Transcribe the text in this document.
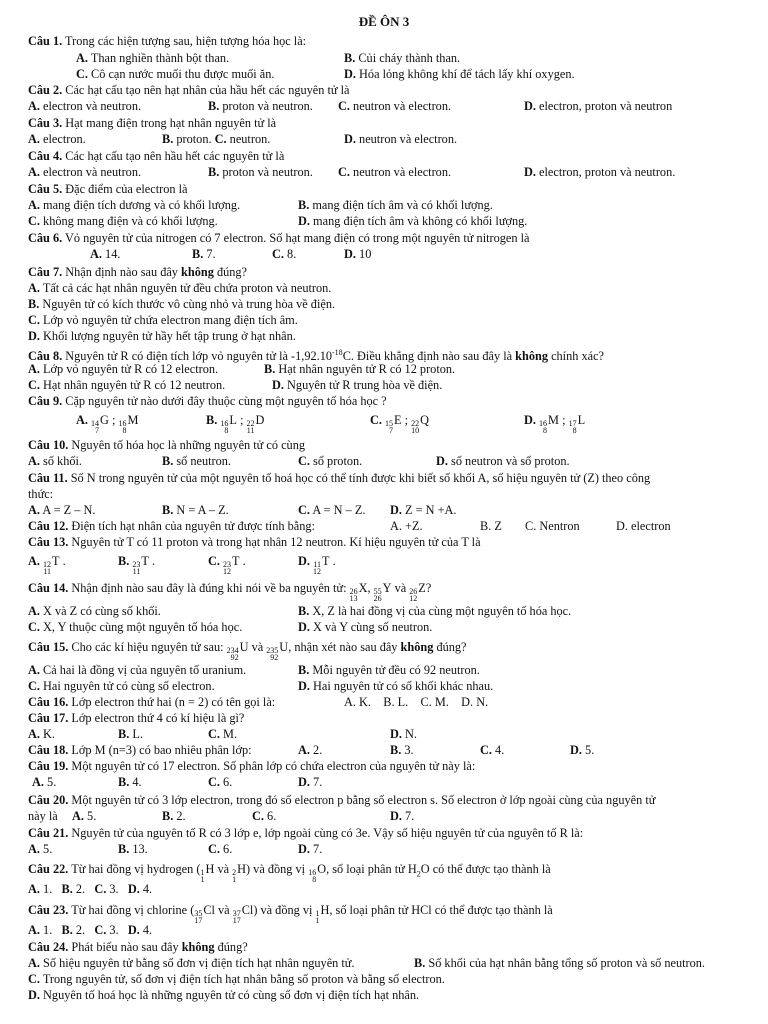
ĐỀ ÔN 3
Câu 1. Trong các hiện tượng sau, hiện tượng hóa học là:
A. Than nghiền thành bột than.	B. Củi cháy thành than.
C. Cô cạn nước muối thu được muối ăn.	D. Hóa lỏng không khí để tách lấy khí oxygen.
Câu 2. Các hạt cấu tạo nên hạt nhân của hầu hết các nguyên tử là
A. electron và neutron.	B. proton và neutron. C. neutron và electron.	D. electron, proton và neutron
Câu 3. Hạt mang điện trong hạt nhân nguyên tử là
A. electron.	B. proton. C. neutron.	D. neutron và electron.
Câu 4. Các hạt cấu tạo nên hầu hết các nguyên tử là
A. electron và neutron.	B. proton và neutron. C. neutron và electron.	D. electron, proton và neutron.
Câu 5. Đặc điểm của electron là
A. mang điện tích dương và có khối lượng.	B. mang điện tích âm và có khối lượng.
C. không mang điện và có khối lượng.	D. mang điện tích âm và không có khối lượng.
Câu 6. Vỏ nguyên tử của nitrogen có 7 electron. Số hạt mang điện có trong một nguyên tử nitrogen là
A. 14.	B. 7.	C. 8.	D. 10
Câu 7. Nhận định nào sau đây không đúng?
A. Tất cả các hạt nhân nguyên tử đều chứa proton và neutron.
B. Nguyên tử có kích thước vô cùng nhỏ và trung hòa về điện.
C. Lớp vỏ nguyên tử chứa electron mang điện tích âm.
D. Khối lượng nguyên tử hầy hết tập trung ở hạt nhân.
Câu 8. Nguyên tử R có điện tích lớp vỏ nguyên tử là $-1,92.10^{-18}C$. Điều khẳng định nào sau đây là không chính xác?
A. Lớp vỏ nguyên tử R có 12 electron.	B. Hạt nhân nguyên tử R có 12 proton.
C. Hạt nhân nguyên tử R có 12 neutron.	D. Nguyên tử R trung hòa về điện.
Câu 9. Cặp nguyên tử nào dưới đây thuộc cùng một nguyên tố hóa học ?
A. 14
7
G ; 16
8
M	B. 16
8
L ; 22
11
D	C. 15
7
E ; 22
10
Q	D. 16
8
M ; 17
8
L
Câu 10. Nguyên tố hóa học là những nguyên tử có cùng
A. số khối.	B. số neutron.	C. số proton.	D. số neutron và số proton.
Câu 11. Số N trong nguyên tử của một nguyên tố hoá học có thể tính được khi biết số khối A, số hiệu nguyên tử (Z) theo công
thức:
A. A = Z – N.	B. N = A – Z.	C. A = N – Z. D. Z = N +A.
Câu 12. Điện tích hạt nhân của nguyên tử được tính bằng:	A. +Z.	B. Z C. Nentron	D. electron
Câu 13. Nguyên tử T có 11 proton và trong hạt nhân 12 neutron. Kí hiệu nguyên tử của T là
A. 12
11
T .	B. 23
11
T .	C. 23
12
T .	D. 11
12
T .
Câu 14. Nhận định nào sau đây là đúng khi nói về ba nguyên tử: 26
13
X, 55
26
Y và 26
12
Z?
A. X và Z có cùng số khối.	B. X, Z là hai đồng vị của cùng một nguyên tố hóa học.
C. X, Y thuộc cùng một nguyên tố hóa học.	D. X và Y cùng số neutron.
Câu 15. Cho các kí hiệu nguyên tử sau: 234
92
U và 235
92
U, nhận xét nào sau đây không đúng?
A. Cả hai là đồng vị của nguyên tố uranium.	B. Mỗi nguyên tử đều có 92 neutron.
C. Hai nguyên tử có cùng số electron.	D. Hai nguyên tử có số khối khác nhau.
Câu 16. Lớp electron thứ hai (n = 2) có tên gọi là:	A. K.    B. L.    C. M.    D. N.
Câu 17. Lớp electron thứ 4 có kí hiệu là gì?
A. K.	B. L.	C. M.	D. N.
Câu 18. Lớp M (n=3) có bao nhiêu phân lớp:	A. 2.	B. 3.	C. 4.	D. 5.
Câu 19. Một nguyên tử có 17 electron. Số phân lớp có chứa electron của nguyên tử này là:
A. 5.	B. 4.	C. 6.	D. 7.
Câu 20. Một nguyên tử có 3 lớp electron, trong đó số electron p bằng số electron s. Số electron ở lớp ngoài cùng của nguyên tử
này là A. 5.	B. 2.	C. 6.	D. 7.
Câu 21. Nguyên tử của nguyên tố R có 3 lớp e, lớp ngoài cùng có 3e. Vậy số hiệu nguyên tử của nguyên tố R là:
A. 5.	B. 13.	C. 6.	D. 7.
Câu 22. Từ hai đồng vị hydrogen ( 1
1
H và 2
1
H) và đồng vị 16
8
O, số loại phân tử $H_2O$ có thể được tạo thành là
A. 1. B. 2. C. 3. D. 4.
Câu 23. Từ hai đồng vị chlorine ( 35
17
Cl và 37
17
Cl) và đồng vị 1
1
H, số loại phân tử HCl có thể được tạo thành là
A. 1. B. 2. C. 3. D. 4.
Câu 24. Phát biểu nào sau đây không đúng?
A. Số hiệu nguyên tử bằng số đơn vị điện tích hạt nhân nguyên tử.	B. Số khối của hạt nhân bằng tổng số proton và số neutron.
C. Trong nguyên tử, số đơn vị điện tích hạt nhân bằng số proton và bằng số electron.
D. Nguyên tố hoá học là những nguyên tử có cùng số đơn vị điện tích hạt nhân.
